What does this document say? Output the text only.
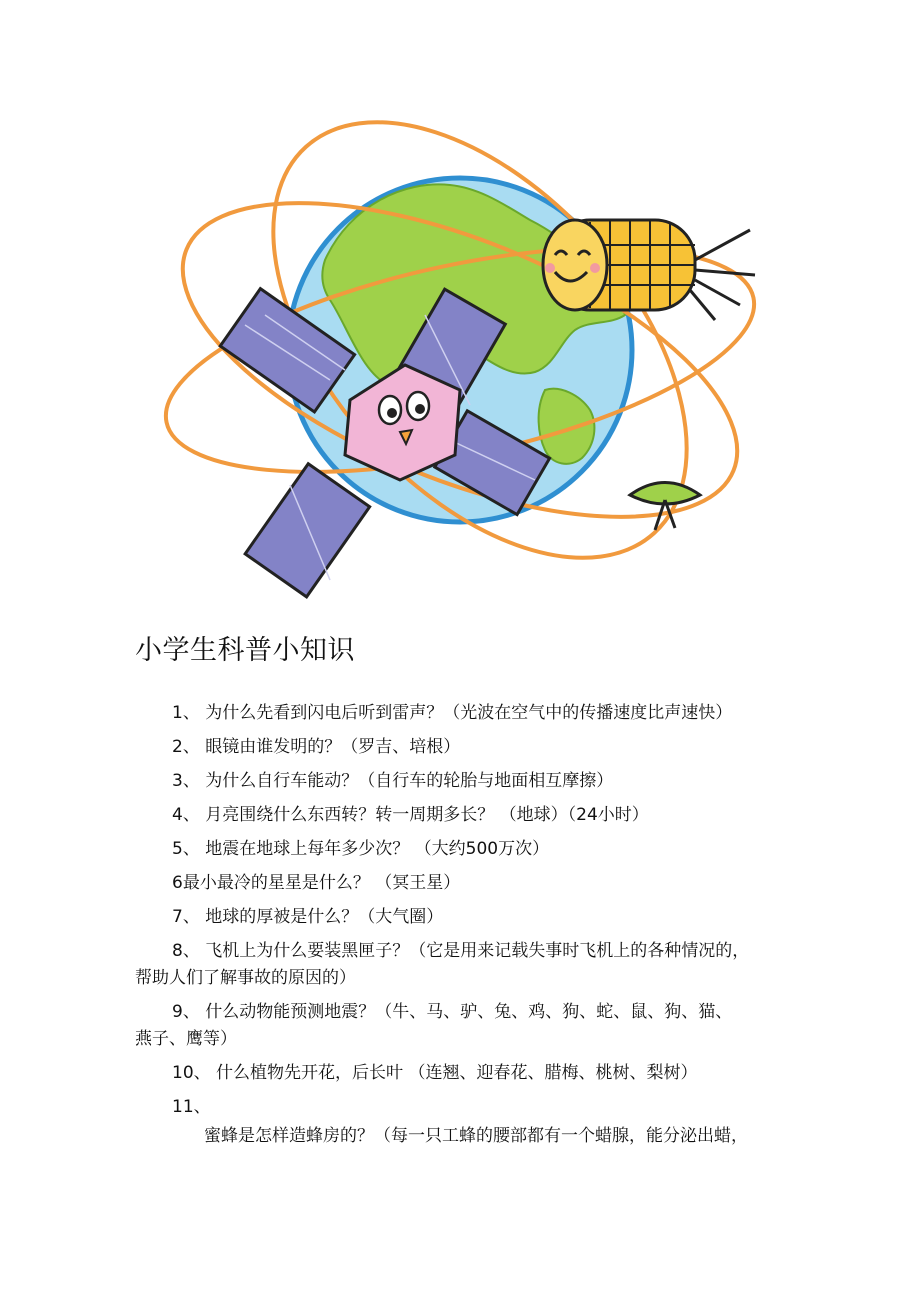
小学生科普小知识
1、 为什么先看到闪电后听到雷声？（光波在空气中的传播速度比声速快）
2、 眼镜由谁发明的？（罗吉、培根）
3、 为什么自行车能动？（自行车的轮胎与地面相互摩擦）
4、 月亮围绕什么东西转？转一周期多长？ （地球）（24小时）
5、 地震在地球上每年多少次？ （大约500万次）
6最小最冷的星星是什么？ （冥王星）
7、 地球的厚被是什么？（大气圈）
8、 飞机上为什么要装黑匣子？（它是用来记载失事时飞机上的各种情况的，
帮助人们了解事故的原因的）
9、 什么动物能预测地震？（牛、马、驴、兔、鸡、狗、蛇、鼠、狗、猫、
燕子、鹰等）
10、 什么植物先开花，后长叶 （连翘、迎春花、腊梅、桃树、梨树）
11、
蜜蜂是怎样造蜂房的？（每一只工蜂的腰部都有一个蜡腺，能分泌出蜡，
